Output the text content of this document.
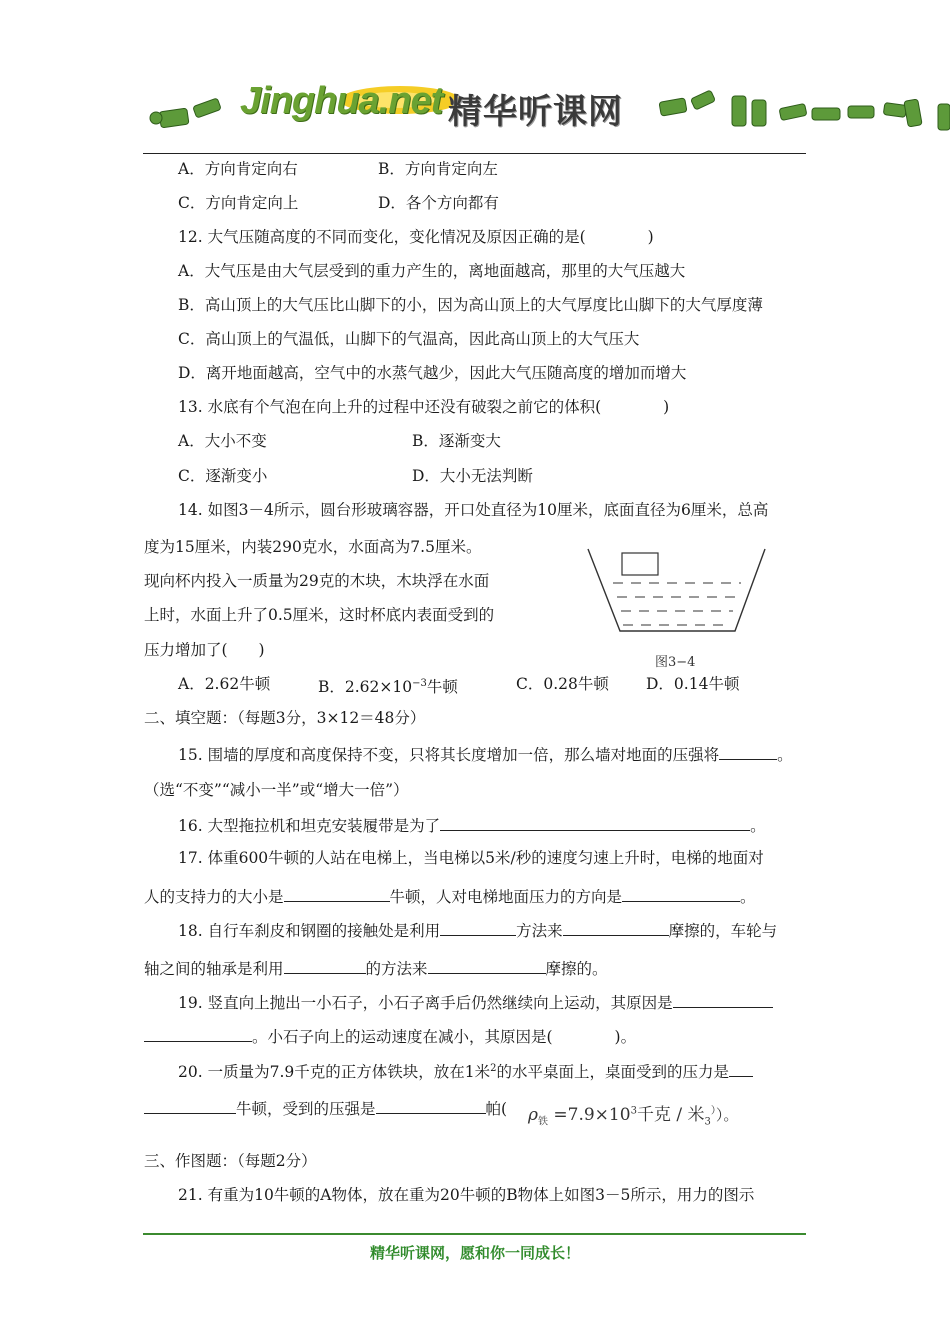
Jinghua.net 精华听课网
A．方向肯定向右	B．方向肯定向左
C．方向肯定向上	D．各个方向都有
12. 大气压随高度的不同而变化，变化情况及原因正确的是(　　　　)
A．大气压是由大气层受到的重力产生的，离地面越高，那里的大气压越大
B．高山顶上的大气压比山脚下的小，因为高山顶上的大气厚度比山脚下的大气厚度薄
C．高山顶上的气温低，山脚下的气温高，因此高山顶上的大气压大
D．离开地面越高，空气中的水蒸气越少，因此大气压随高度的增加而增大
13. 水底有个气泡在向上升的过程中还没有破裂之前它的体积(　　　　)
A．大小不变	B．逐渐变大
C．逐渐变小	D．大小无法判断
14. 如图3－4所示，圆台形玻璃容器，开口处直径为10厘米，底面直径为6厘米，总高
度为15厘米，内装290克水，水面高为7.5厘米。
现向杯内投入一质量为29克的木块，木块浮在水面
上时，水面上升了0.5厘米，这时杯底内表面受到的
压力增加了(　　)
图3−4
A．2.62牛顿	B．$2.62\times 10^{-3}$牛顿	C．0.28牛顿 D．0.14牛顿
二、填空题：（每题3分，3×12＝48分）
15. 围墙的厚度和高度保持不变，只将其长度增加一倍，那么墙对地面的压强将	。
（选“不变”“减小一半”或“增大一倍”）
16. 大型拖拉机和坦克安装履带是为了	。
17. 体重600牛顿的人站在电梯上，当电梯以5米/秒的速度匀速上升时，电梯的地面对
人的支持力的大小是	牛顿，人对电梯地面压力的方向是	。
18. 自行车刹皮和钢圈的接触处是利用	方法来	摩擦的，车轮与
轴之间的轴承是利用	的方法来	摩擦的。
19. 竖直向上抛出一小石子，小石子离手后仍然继续向上运动，其原因是
。小石子向上的运动速度在减小，其原因是(　　　　)。
20. 一质量为7.9千克的正方体铁块，放在1米$^2$的水平桌面上，桌面受到的压力是
牛顿，受到的压强是	帕( $\rho_铁 =7.9\times 10^3$千克 / 米$_3$））。
三、作图题：（每题2分）
21. 有重为10牛顿的A物体，放在重为20牛顿的B物体上如图3－5所示，用力的图示
精华听课网，愿和你一同成长！
